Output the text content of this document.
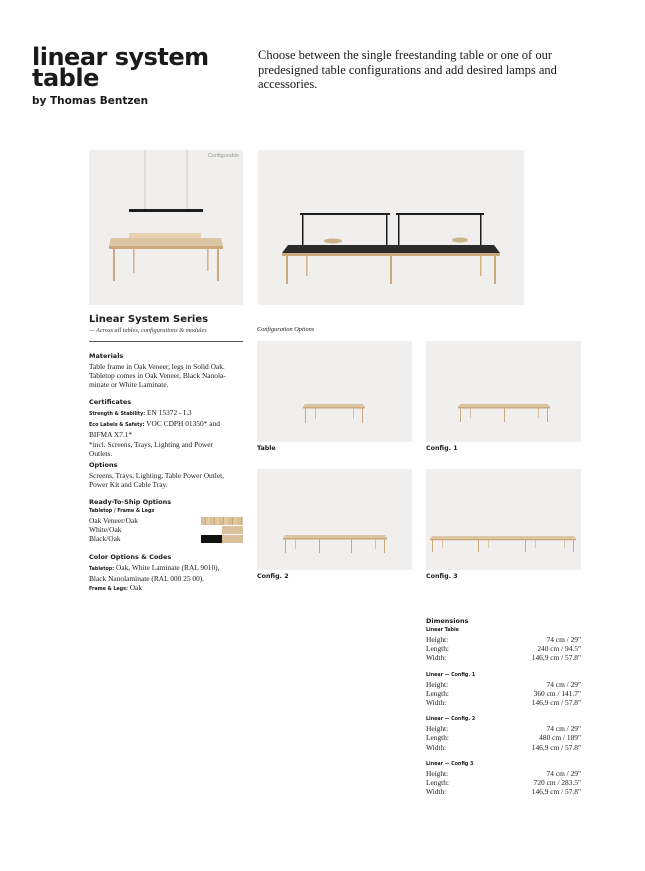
linear system
table
by Thomas Bentzen
Choose between the single freestanding table or one of our predesigned table configurations and add desired lamps and accessories.
Configurable
Linear System Series
— Across all tables, configurations & modules
Materials
Table frame in Oak Veneer, legs in Solid Oak.
Tabletop comes in Oak Veneer, Black Nanola-
minate or White Laminate.
Certificates
Strength & Stability: EN 15372 - L3
Eco Labels & Safety: VOC CDPH 01350* and
BIFMA X7.1*
*incl. Screens, Trays, Lighting and Power
Outlets.
Options
Screens, Trays, Lighting, Table Power Outlet,
Power Kit and Cable Tray.
Ready-To-Ship Options
Tabletop / Frame & Legs
Oak Veneer/Oak
White/Oak
Black/Oak
Color Options & Codes
Tabletop: Oak, White Laminate (RAL 9010),
Black Nanolaminate (RAL 000 25 00).
Frame & Legs: Oak
Configuration Options
Table	Config. 1
Config. 2	Config. 3
Dimensions
Linear Table
Height:	74 cm / 29"
Length:	240 cm / 94.5"
Width:	146,9 cm / 57.8"
Linear — Config. 1
Height:	74 cm / 29"
Length:	360 cm / 141.7"
Width:	146,9 cm / 57.8"
Linear — Config. 2
Height:	74 cm / 29"
Length:	480 cm / 189"
Width:	146,9 cm / 57.8"
Linear — Config 3
Height:	74 cm / 29"
Length:	720 cm / 283.5"
Width:	146,9 cm / 57.8"
